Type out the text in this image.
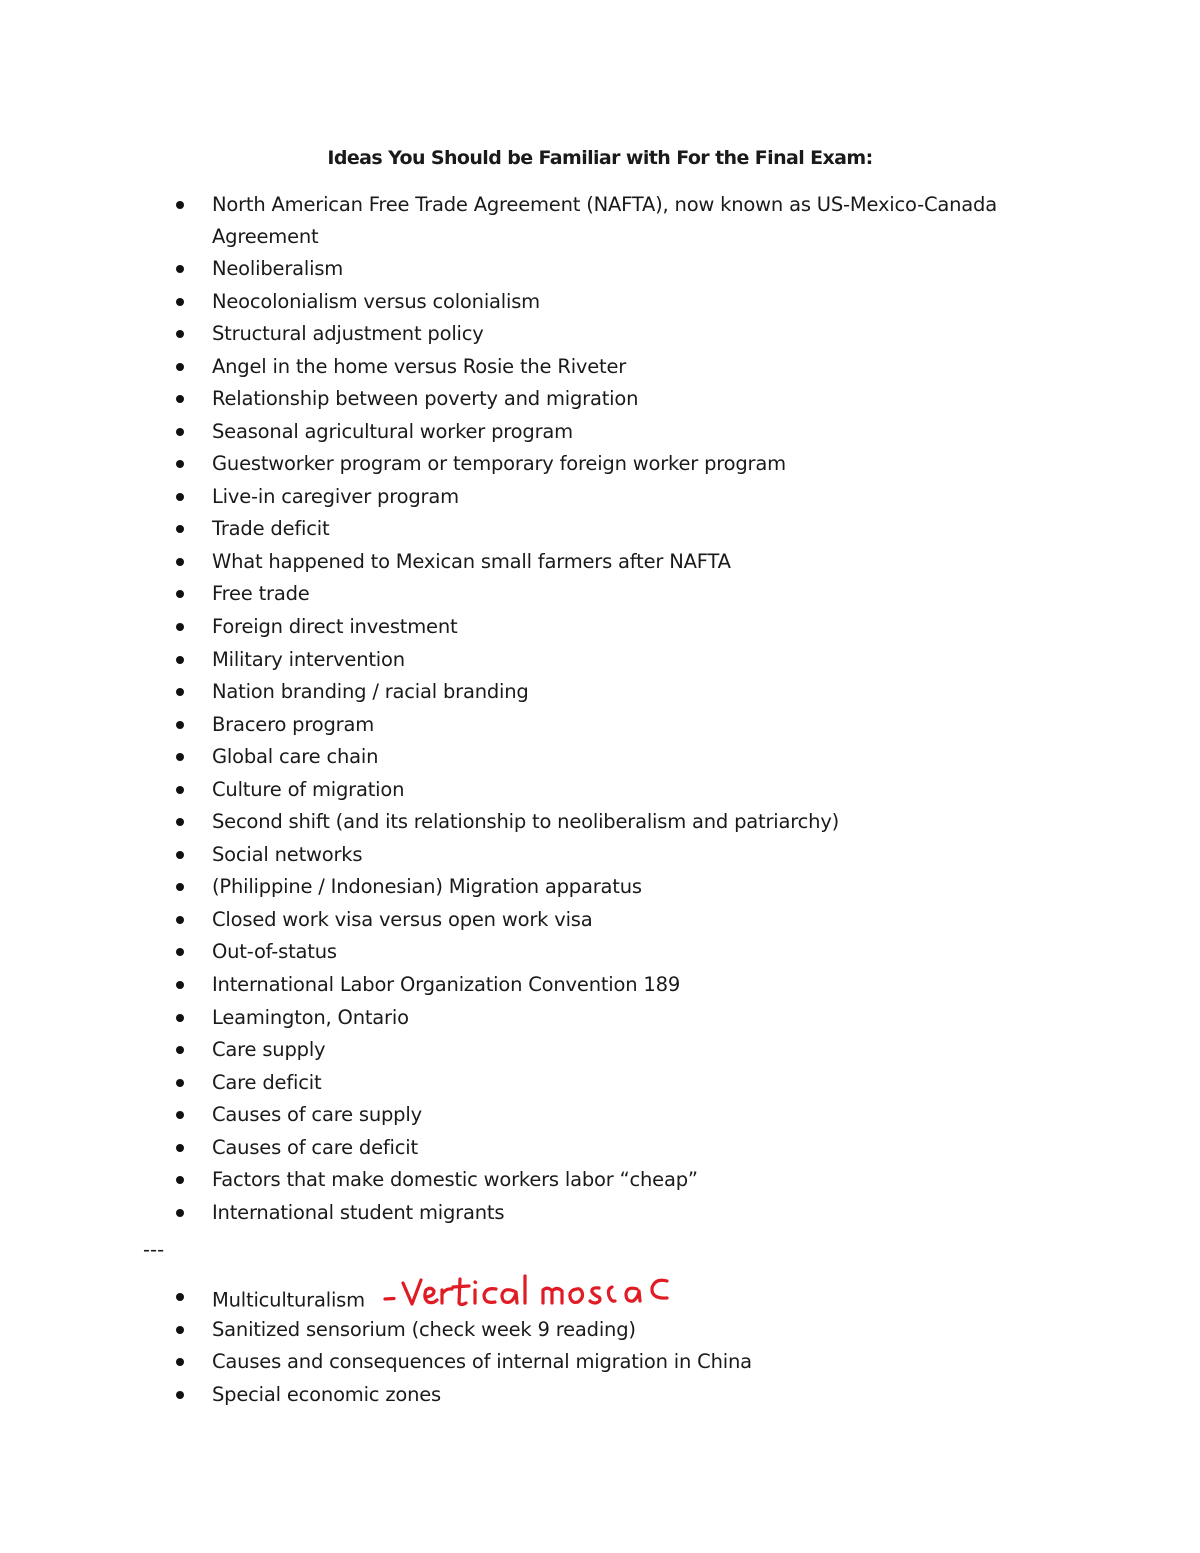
Ideas You Should be Familiar with For the Final Exam:
North American Free Trade Agreement (NAFTA), now known as US-Mexico-Canada Agreement
Neoliberalism
Neocolonialism versus colonialism
Structural adjustment policy
Angel in the home versus Rosie the Riveter
Relationship between poverty and migration
Seasonal agricultural worker program
Guestworker program or temporary foreign worker program
Live-in caregiver program
Trade deficit
What happened to Mexican small farmers after NAFTA
Free trade
Foreign direct investment
Military intervention
Nation branding / racial branding
Bracero program
Global care chain
Culture of migration
Second shift (and its relationship to neoliberalism and patriarchy)
Social networks
(Philippine / Indonesian) Migration apparatus
Closed work visa versus open work visa
Out-of-status
International Labor Organization Convention 189
Leamington, Ontario
Care supply
Care deficit
Causes of care supply
Causes of care deficit
Factors that make domestic workers labor “cheap”
International student migrants
---
Multiculturalism
Sanitized sensorium (check week 9 reading)
Causes and consequences of internal migration in China
Special economic zones
